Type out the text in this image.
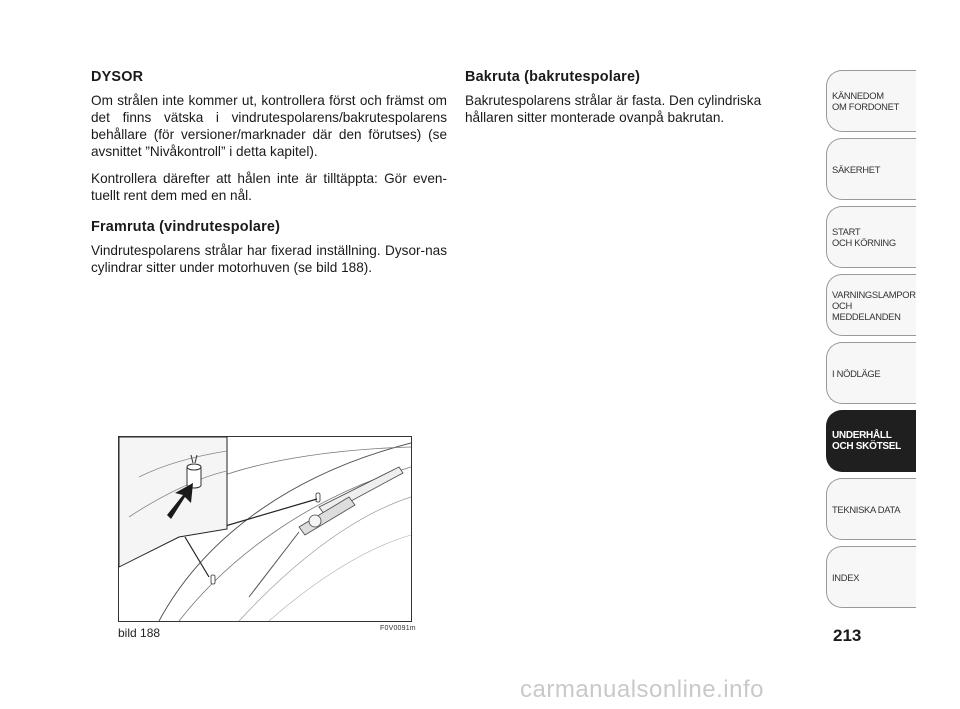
DYSOR

Om strålen inte kommer ut, kontrollera först och främst om det finns vätska i vindrutespolarens/bakrutespolarens behållare (för versioner/marknader där den förutses) (se avsnittet ”Nivåkontroll” i detta kapitel).

Kontrollera därefter att hålen inte är tilltäppta: Gör even-tuellt rent dem med en nål.

Framruta (vindrutespolare)

Vindrutespolarens strålar har fixerad inställning. Dysor-nas cylindrar sitter under motorhuven (se bild 188).

Bakruta (bakrutespolare)

Bakrutespolarens strålar är fasta. Den cylindriska hållaren sitter monterade ovanpå bakrutan.

bild 188	F0V0091m
KÄNNEDOM
OM FORDONET
SÄKERHET
START
OCH KÖRNING
VARNINGSLAMPOR
OCH
MEDDELANDEN
I NÖDLÄGE
UNDERHÅLL
OCH SKÖTSEL
TEKNISKA DATA
INDEX
213
carmanualsonline.info
